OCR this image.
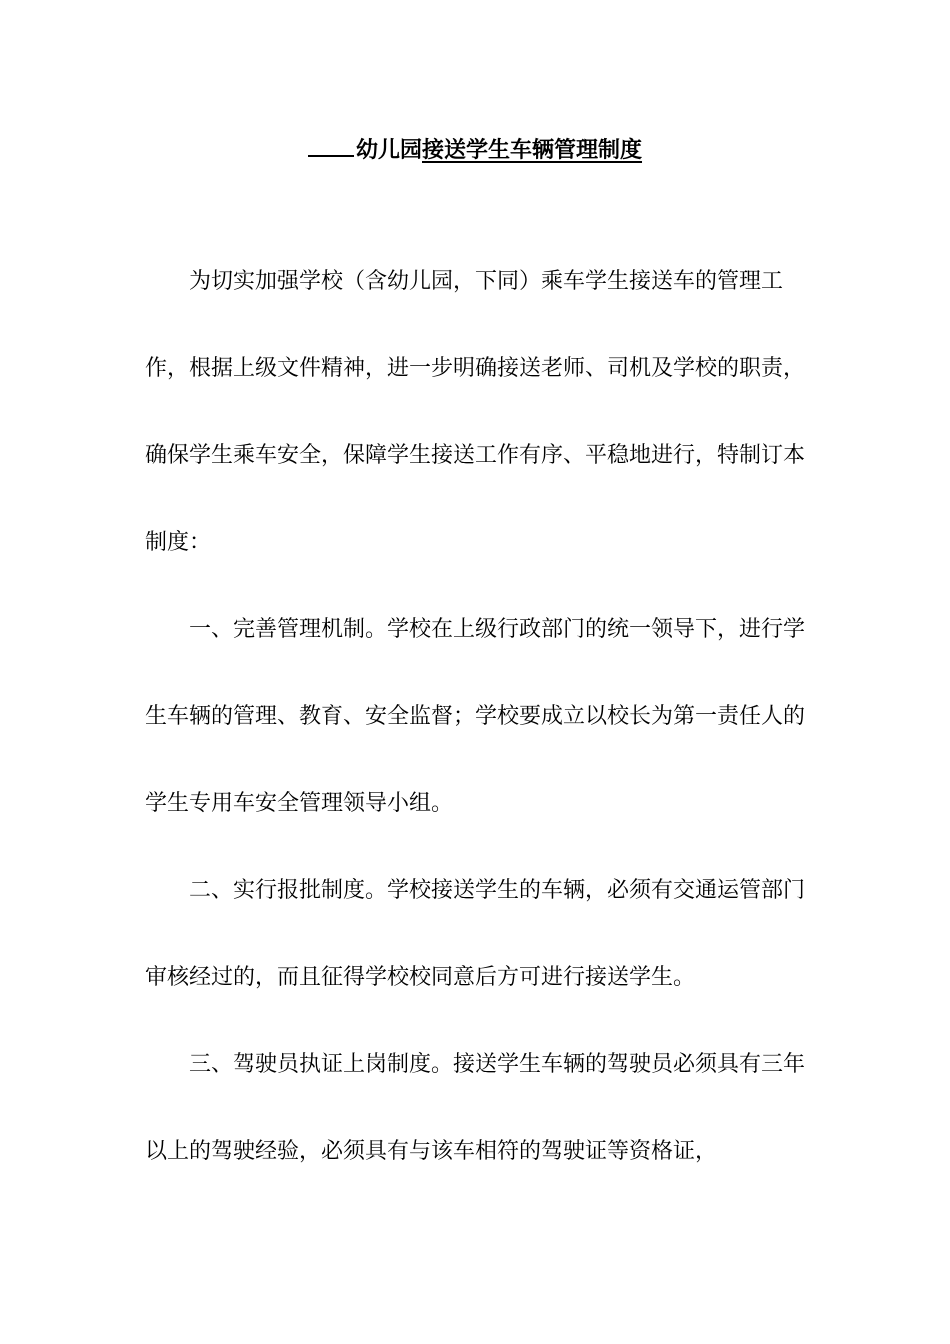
幼儿园接送学生车辆管理制度

为切实加强学校（含幼儿园，下同）乘车学生接送车的管理工作，根据上级文件精神，进一步明确接送老师、司机及学校的职责，确保学生乘车安全，保障学生接送工作有序、平稳地进行，特制订本制度：

一、完善管理机制。学校在上级行政部门的统一领导下，进行学生车辆的管理、教育、安全监督；学校要成立以校长为第一责任人的学生专用车安全管理领导小组。

二、实行报批制度。学校接送学生的车辆，必须有交通运管部门审核经过的，而且征得学校校同意后方可进行接送学生。

三、驾驶员执证上岗制度。接送学生车辆的驾驶员必须具有三年以上的驾驶经验，必须具有与该车相符的驾驶证等资格证，
